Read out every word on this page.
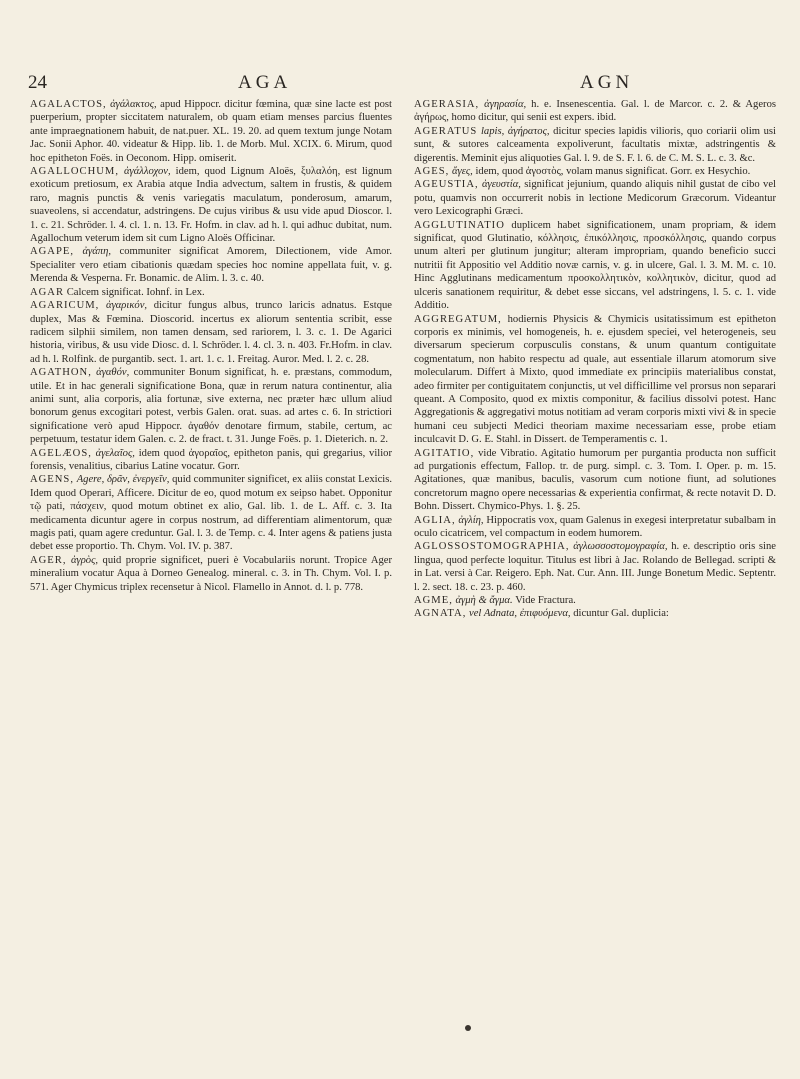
24	AGA	AGN

AGALACTOS, ἀγάλακτος, apud Hippocr. dicitur fœmina, quæ sine lacte est post puerperium, propter siccitatem naturalem, ob quam etiam menses parcius fluentes ante impraegnationem habuit, de nat.puer. XL. 19. 20. ad quem textum junge Notam Jac. Sonii Aphor. 40. videatur & Hipp. lib. 1. de Morb. Mul. XCIX. 6. Mirum, quod hoc epitheton Foës. in Oeconom. Hipp. omiserit.

AGALLOCHUM, ἀγάλλοχον, idem, quod Lignum Aloës, ξυλαλόη, est lignum exoticum pretiosum, ex Arabia atque India advectum, saltem in frustis, & quidem raro, magnis punctis & venis variegatis maculatum, ponderosum, amarum, suaveolens, si accendatur, adstringens. De cujus viribus & usu vide apud Dioscor. l. 1. c. 21. Schröder. l. 4. cl. 1. n. 13. Fr. Hofm. in clav. ad h. l. qui adhuc dubitat, num. Agallochum veterum idem sit cum Ligno Aloës Officinar.

AGAPE, ἀγάπη, communiter significat Amorem, Dilectionem, vide Amor. Specialiter vero etiam cibationis quædam species hoc nomine appellata fuit, v. g. Merenda & Vesperna. Fr. Bonamic. de Alim. l. 3. c. 40.

AGAR Calcem significat. Iohnf. in Lex.

AGARICUM, ἀγαρικόν, dicitur fungus albus, trunco laricis adnatus. Estque duplex, Mas & Fœmina. Dioscorid. incertus ex aliorum sententia scribit, esse radicem silphii similem, non tamen densam, sed rariorem, l. 3. c. 1. De Agarici historia, viribus, & usu vide Diosc. d. l. Schröder. l. 4. cl. 3. n. 403. Fr.Hofm. in clav. ad h. l. Rolfink. de purgantib. sect. 1. art. 1. c. 1. Freitag. Auror. Med. l. 2. c. 28.

AGATHON, ἀγαθόν, communiter Bonum significat, h. e. præstans, commodum, utile. Et in hac generali significatione Bona, quæ in rerum natura continentur, alia animi sunt, alia corporis, alia fortunæ, sive externa, nec præter hæc ullum aliud bonorum genus excogitari potest, verbis Galen. orat. suas. ad artes c. 6. In strictiori significatione verò apud Hippocr. ἀγαθόν denotare firmum, stabile, certum, ac perpetuum, testatur idem Galen. c. 2. de fract. t. 31. Junge Foës. p. 1. Dieterich. n. 2.

AGELÆOS, ἀγελαῖος, idem quod ἀγοραῖος, epitheton panis, qui gregarius, vilior forensis, venalitius, cibarius Latine vocatur. Gorr.

AGENS, Agere, δρᾶν, ἐνεργεῖν, quid communiter significet, ex aliis constat Lexicis. Idem quod Operari, Afficere. Dicitur de eo, quod motum ex seipso habet. Opponitur τῷ pati, πάσχειν, quod motum obtinet ex alio, Gal. lib. 1. de L. Aff. c. 3. Ita medicamenta dicuntur agere in corpus nostrum, ad differentiam alimentorum, quæ magis pati, quam agere creduntur. Gal. l. 3. de Temp. c. 4. Inter agens & patiens justa debet esse proportio. Th. Chym. Vol. IV. p. 387.

AGER, ἀγρὸς, quid proprie significet, pueri è Vocabulariis norunt. Tropice Ager mineralium vocatur Aqua à Dorneo Genealog. mineral. c. 3. in Th. Chym. Vol. I. p. 571. Ager Chymicus triplex recensetur à Nicol. Flamello in Annot. d. l. p. 778.

AGERASIA, ἀγηρασία, h. e. Insenescentia. Gal. l. de Marcor. c. 2. & Ageros ἀγήρως, homo dicitur, qui senii est expers. ibid.

AGERATUS lapis, ἀγήρατος, dicitur species lapidis vilioris, quo coriarii olim usi sunt, & sutores calceamenta expoliverunt, facultatis mixtæ, adstringentis & digerentis. Meminit ejus aliquoties Gal. l. 9. de S. F. l. 6. de C. M. S. L. c. 3. &c.

AGES, ἄγες, idem, quod ἀγοστὸς, volam manus significat. Gorr. ex Hesychio.

AGEUSTIA, ἀγευστία, significat jejunium, quando aliquis nihil gustat de cibo vel potu, quamvis non occurrerit nobis in lectione Medicorum Græcorum. Videantur vero Lexicographi Græci.

AGGLUTINATIO duplicem habet significationem, unam propriam, & idem significat, quod Glutinatio, κόλλησις, ἐπικόλλησις, προσκόλλησις, quando corpus unum alteri per glutinum jungitur; alteram impropriam, quando beneficio succi nutritii fit Appositio vel Additio novæ carnis, v. g. in ulcere, Gal. l. 3. M. M. c. 10. Hinc Agglutinans medicamentum προσκολλητικὸν, κολλητικὸν, dicitur, quod ad ulceris sanationem requiritur, & debet esse siccans, vel adstringens, l. 5. c. 1. vide Additio.

AGGREGATUM, hodiernis Physicis & Chymicis usitatissimum est epitheton corporis ex minimis, vel homogeneis, h. e. ejusdem speciei, vel heterogeneis, seu diversarum specierum corpusculis constans, & unum quantum contiguitate cogmentatum, non habito respectu ad quale, aut essentiale illarum atomorum sive molecularum. Differt à Mixto, quod immediate ex principiis materialibus constat, adeo firmiter per contiguitatem conjunctis, ut vel difficillime vel prorsus non separari queant. A Composito, quod ex mixtis componitur, & facilius dissolvi potest. Hanc Aggregationis & aggregativi motus notitiam ad veram corporis mixti vivi & in specie humani ceu subjecti Medici theoriam maxime necessariam esse, probe etiam inculcavit D. G. E. Stahl. in Dissert. de Temperamentis c. 1.

AGITATIO, vide Vibratio. Agitatio humorum per purgantia producta non sufficit ad purgationis effectum, Fallop. tr. de purg. simpl. c. 3. Tom. I. Oper. p. m. 15. Agitationes, quæ manibus, baculis, vasorum cum notione fiunt, ad solutiones concretorum magno opere necessarias & experientia confirmat, & recte notavit D. D. Bohn. Dissert. Chymico-Phys. 1. §. 25.

AGLIA, ἀγλίη, Hippocratis vox, quam Galenus in exegesi interpretatur subalbam in oculo cicatricem, vel compactum in eodem humorem.

AGLOSSOSTOMOGRAPHIA, ἀγλωσσοστομογραφία, h. e. descriptio oris sine lingua, quod perfecte loquitur. Titulus est libri à Jac. Rolando de Bellegad. scripti & in Lat. versi à Car. Reigero. Eph. Nat. Cur. Ann. III. Junge Bonetum Medic. Septentr. l. 2. sect. 18. c. 23. p. 460.

AGME, ἀγμὴ & ἄγμα. Vide Fractura.

AGNATA, vel Adnata, ἐπιφυόμενα, dicuntur Gal. duplicia:
